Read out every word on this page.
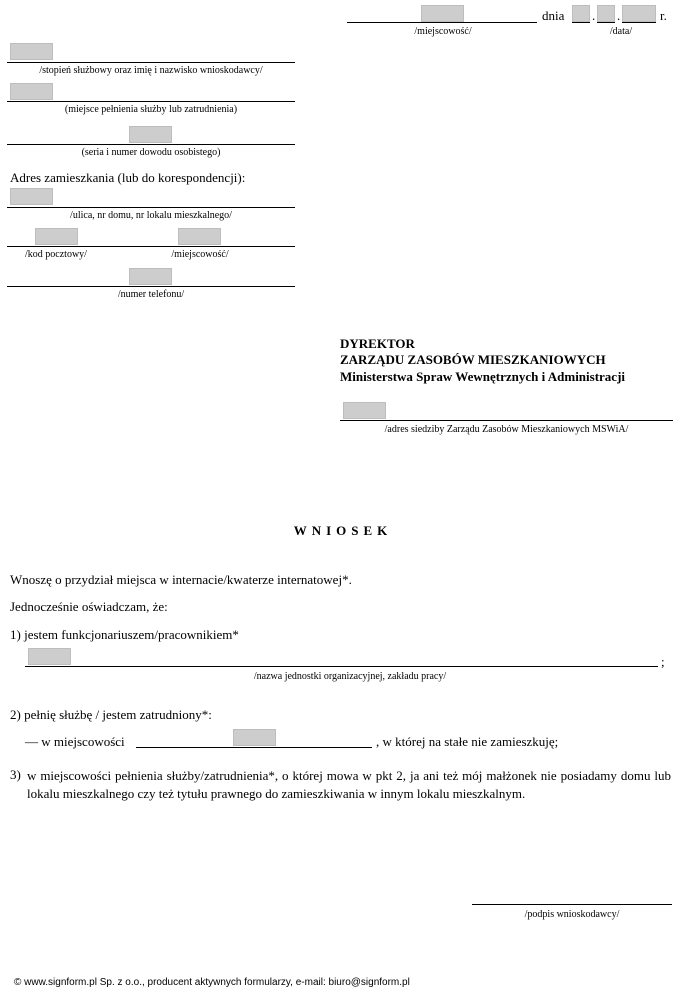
dnia . .	r.
/miejscowość/	/data/
/stopień służbowy oraz imię i nazwisko wnioskodawcy/
(miejsce pełnienia służby lub zatrudnienia)
(seria i numer dowodu osobistego)
Adres zamieszkania (lub do korespondencji):
/ulica, nr domu, nr lokalu mieszkalnego/
/kod pocztowy/	/miejscowość/
/numer telefonu/
DYREKTOR
ZARZĄDU ZASOBÓW MIESZKANIOWYCH
Ministerstwa Spraw Wewnętrznych i Administracji
/adres siedziby Zarządu Zasobów Mieszkaniowych MSWiA/
WNIOSEK
Wnoszę o przydział miejsca w internacie/kwaterze internatowej*.
Jednocześnie oświadczam, że:
1) jestem funkcjonariuszem/pracownikiem*
;
/nazwa jednostki organizacyjnej, zakładu pracy/
2) pełnię służbę / jestem zatrudniony*:
— w miejscowości	, w której na stałe nie zamieszkuję;
3) w miejscowości pełnienia służby/zatrudnienia*, o której mowa w pkt 2, ja ani też mój małżonek nie posiadamy domu lub lokalu mieszkalnego czy też tytułu prawnego do zamieszkiwania w innym lokalu mieszkalnym.
/podpis wnioskodawcy/
© www.signform.pl Sp. z o.o., producent aktywnych formularzy, e-mail: biuro@signform.pl
